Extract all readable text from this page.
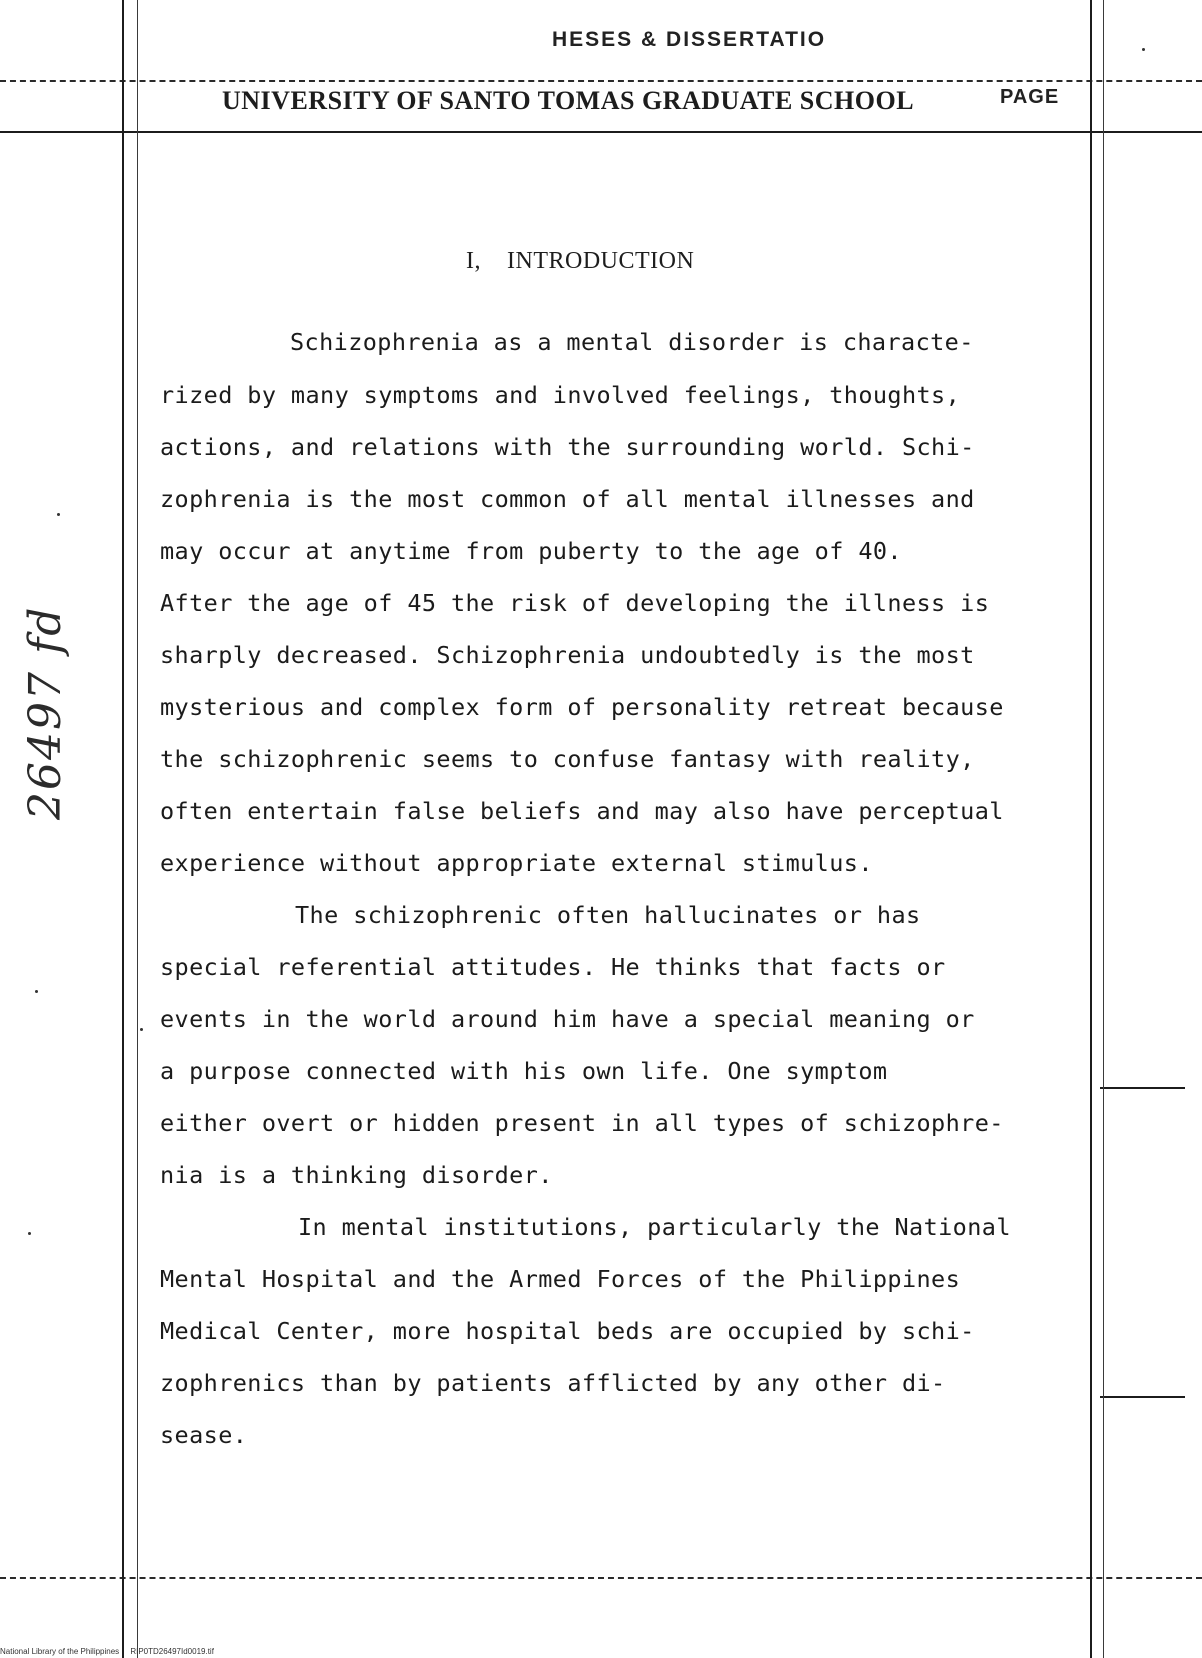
HESES & DISSERTATIO
UNIVERSITY OF SANTO TOMAS GRADUATE SCHOOL	PAGE
I, INTRODUCTION
Schizophrenia as a mental disorder is characte-
rized by many symptoms and involved feelings, thoughts,
actions, and relations with the surrounding world. Schi-
zophrenia is the most common of all mental illnesses and
may occur at anytime from puberty to the age of 40.
After the age of 45 the risk of developing the illness is
sharply decreased. Schizophrenia undoubtedly is the most
mysterious and complex form of personality retreat because
the schizophrenic seems to confuse fantasy with reality,
often entertain false beliefs and may also have perceptual
experience without appropriate external stimulus.
The schizophrenic often hallucinates or has
special referential attitudes. He thinks that facts or
events in the world around him have a special meaning or
a purpose connected with his own life. One symptom
either overt or hidden present in all types of schizophre-
nia is a thinking disorder.
In mental institutions, particularly the National
Mental Hospital and the Armed Forces of the Philippines
Medical Center, more hospital beds are occupied by schi-
zophrenics than by patients afflicted by any other di-
sease.
26497 fd
National Library of the Philippines RIP0TD26497Id0019.tif
